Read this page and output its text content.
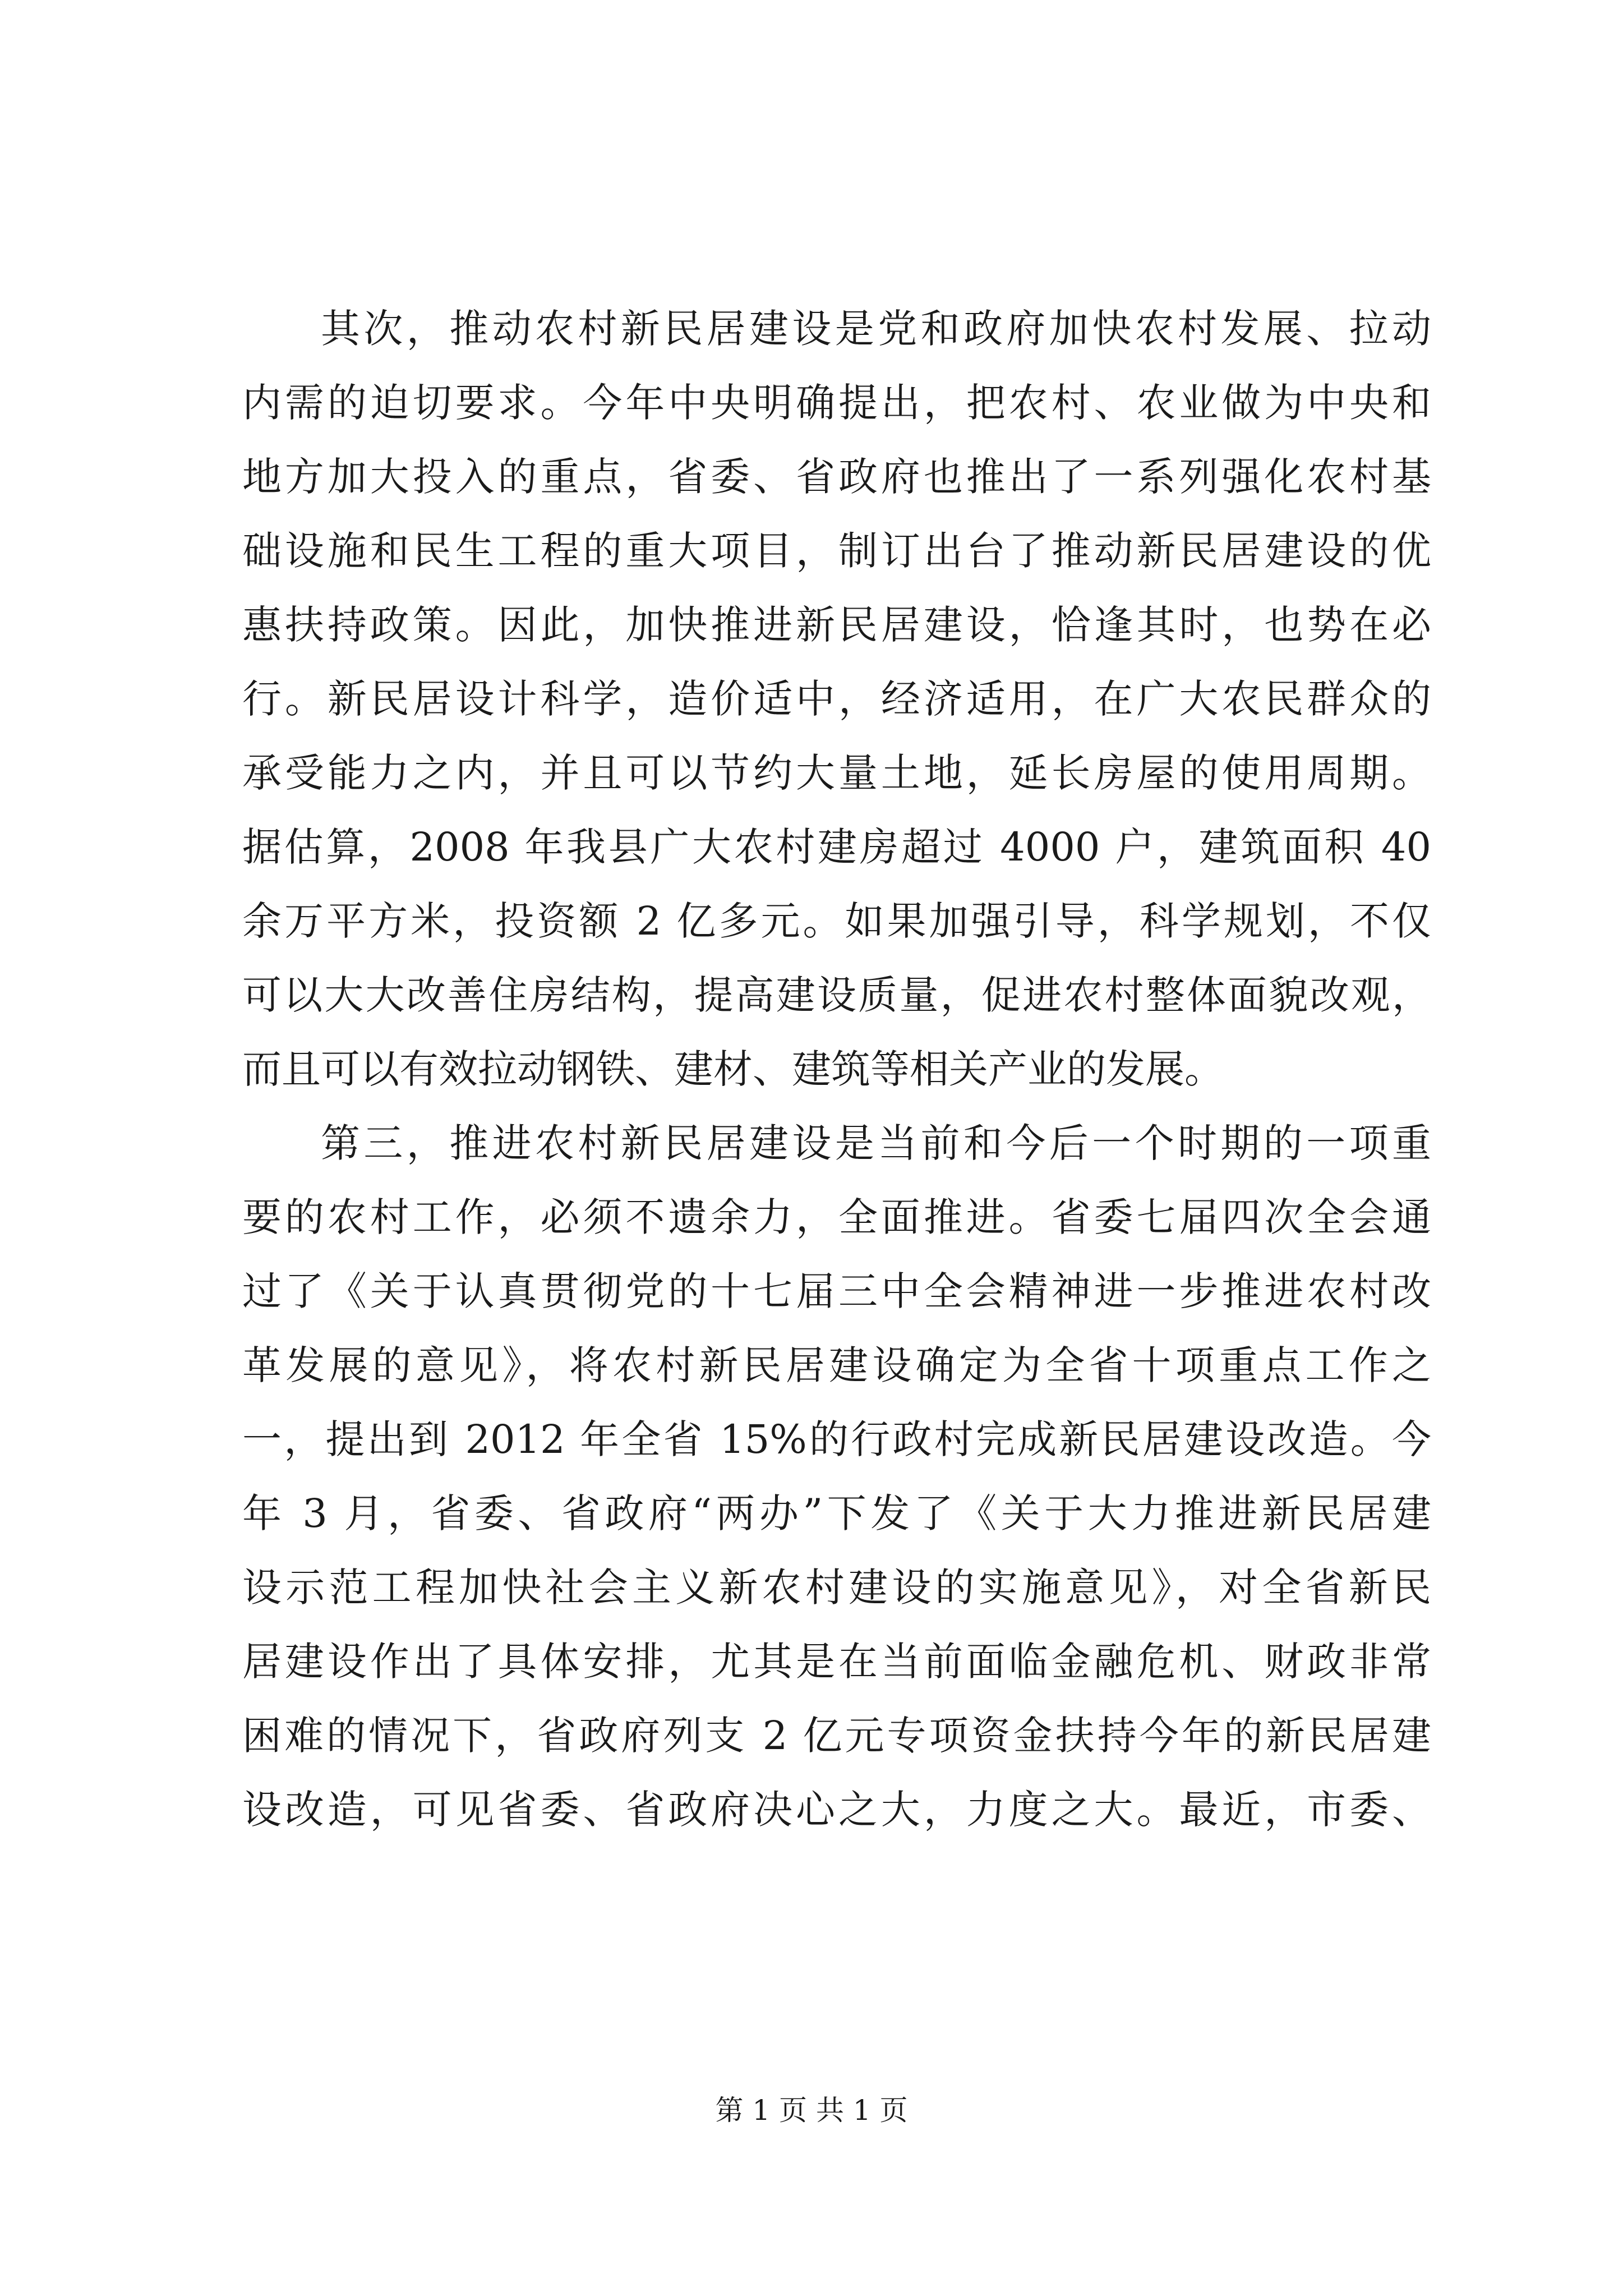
其次，推动农村新民居建设是党和政府加快农村发展、拉动
内需的迫切要求。今年中央明确提出，把农村、农业做为中央和
地方加大投入的重点，省委、省政府也推出了一系列强化农村基
础设施和民生工程的重大项目，制订出台了推动新民居建设的优
惠扶持政策。因此，加快推进新民居建设，恰逢其时，也势在必
行。新民居设计科学，造价适中，经济适用，在广大农民群众的
承受能力之内，并且可以节约大量土地，延长房屋的使用周期。
据估算，2008 年我县广大农村建房超过 4000 户，建筑面积 40
余万平方米，投资额 2 亿多元。如果加强引导，科学规划，不仅
可以大大改善住房结构，提高建设质量，促进农村整体面貌改观，
而且可以有效拉动钢铁、建材、建筑等相关产业的发展。
第三，推进农村新民居建设是当前和今后一个时期的一项重
要的农村工作，必须不遗余力，全面推进。省委七届四次全会通
过了《关于认真贯彻党的十七届三中全会精神进一步推进农村改
革发展的意见》，将农村新民居建设确定为全省十项重点工作之
一，提出到 2012 年全省 15%的行政村完成新民居建设改造。今
年 3 月，省委、省政府“两办”下发了《关于大力推进新民居建
设示范工程加快社会主义新农村建设的实施意见》，对全省新民
居建设作出了具体安排，尤其是在当前面临金融危机、财政非常
困难的情况下，省政府列支 2 亿元专项资金扶持今年的新民居建
设改造，可见省委、省政府决心之大，力度之大。最近，市委、
第 1 页 共 1 页
